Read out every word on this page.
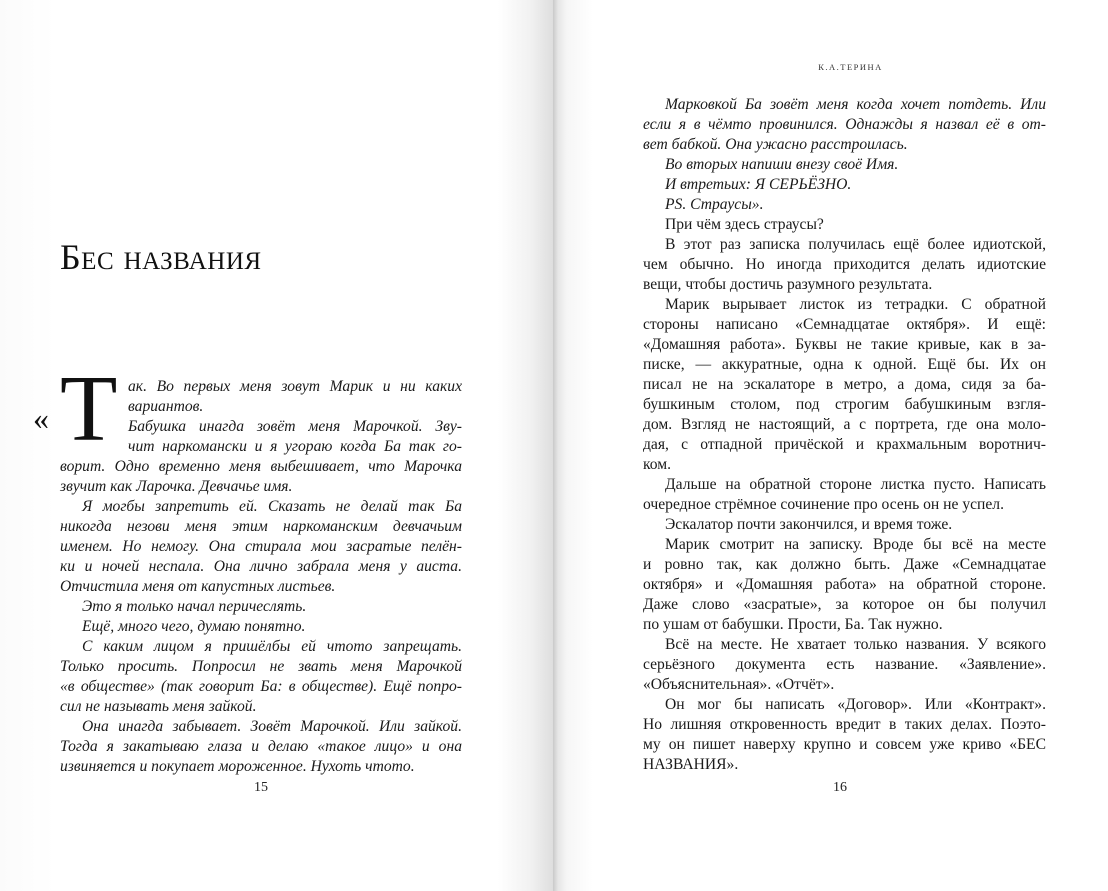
Бес названия
« Т ак. Во первых меня зовут Марик и ни каких
вариантов.
Бабушка инагда зовёт меня Марочкой. Зву-
чит наркомански и я угораю когда Ба так го-
ворит. Одно временно меня выбешивает, что Марочка
звучит как Ларочка. Девчачье имя.
Я могбы запретить ей. Сказать не делай так Ба
никогда незови меня этим наркоманским девчачьим
именем. Но немогу. Она стирала мои засратые пелён-
ки и ночей неспала. Она лично забрала меня у аиста.
Отчистила меня от капустных листьев.
Это я только начал перичеслять.
Ещё, много чего, думаю понятно.
С каким лицом я пришёлбы ей чтото запрещать.
Только просить. Попросил не звать меня Марочкой
«в обществе» (так говорит Ба: в обществе). Ещё попро-
сил не называть меня зайкой.
Она инагда забывает. Зовёт Марочкой. Или зайкой.
Тогда я закатываю глаза и делаю «такое лицо» и она
извиняется и покупает мороженное. Нухоть чтото.
15
К.А.ТЕРИНА
Марковкой Ба зовёт меня когда хочет потдеть. Или
если я в чёмто провинился. Однажды я назвал её в от-
вет бабкой. Она ужасно расстроилась.
Во вторых напиши внезу своё Имя.
И втретьих: Я СЕРЬЁЗНО.
PS. Страусы».
При чём здесь страусы?
В этот раз записка получилась ещё более идиотской,
чем обычно. Но иногда приходится делать идиотские
вещи, чтобы достичь разумного результата.
Марик вырывает листок из тетрадки. С обратной
стороны написано «Семнадцатае октября». И ещё:
«Домашняя работа». Буквы не такие кривые, как в за-
писке, — аккуратные, одна к одной. Ещё бы. Их он
писал не на эскалаторе в метро, а дома, сидя за ба-
бушкиным столом, под строгим бабушкиным взгля-
дом. Взгляд не настоящий, а с портрета, где она моло-
дая, с отпадной причёской и крахмальным воротнич-
ком.
Дальше на обратной стороне листка пусто. Написать
очередное стрёмное сочинение про осень он не успел.
Эскалатор почти закончился, и время тоже.
Марик смотрит на записку. Вроде бы всё на месте
и ровно так, как должно быть. Даже «Семнадцатае
октября» и «Домашняя работа» на обратной стороне.
Даже слово «засратые», за которое он бы получил
по ушам от бабушки. Прости, Ба. Так нужно.
Всё на месте. Не хватает только названия. У всякого
серьёзного документа есть название. «Заявление».
«Объяснительная». «Отчёт».
Он мог бы написать «Договор». Или «Контракт».
Но лишняя откровенность вредит в таких делах. Поэто-
му он пишет наверху крупно и совсем уже криво «БЕС
НАЗВАНИЯ».
16
